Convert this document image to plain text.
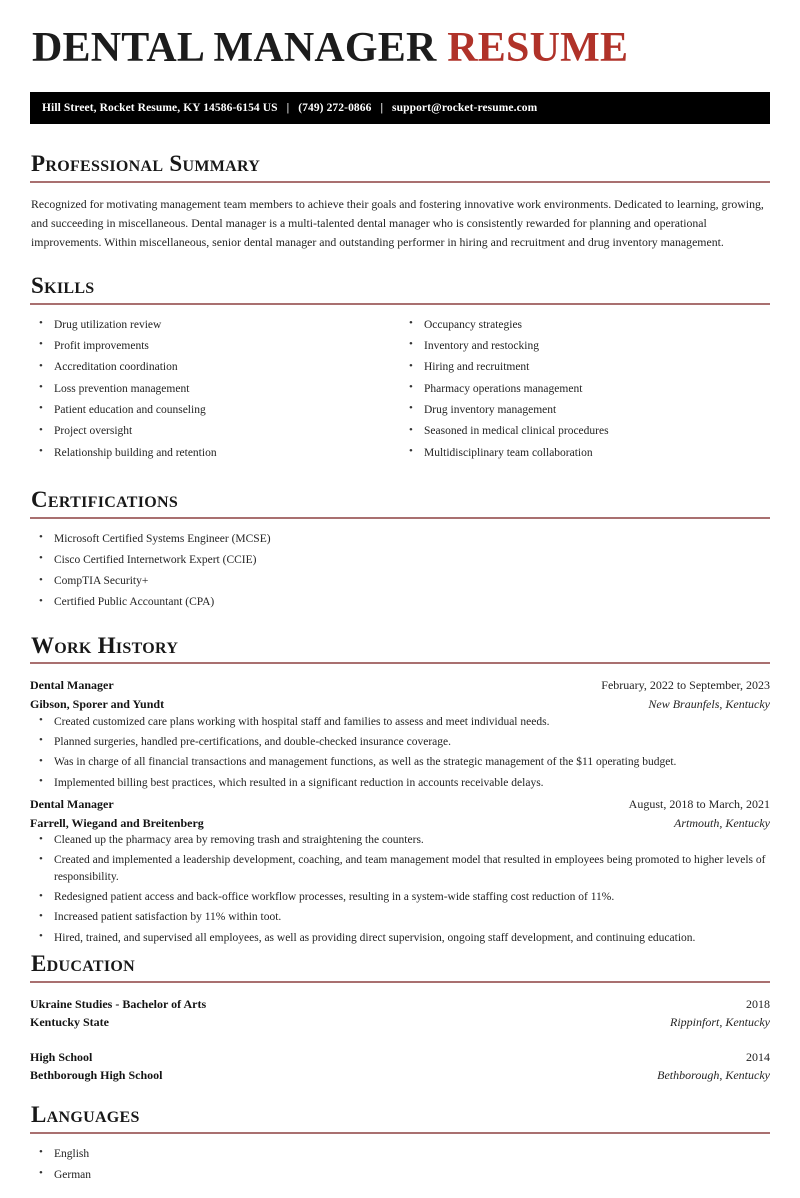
DENTAL MANAGER RESUME
Hill Street, Rocket Resume, KY 14586-6154 US | (749) 272-0866 | support@rocket-resume.com
Professional Summary

Recognized for motivating management team members to achieve their goals and fostering innovative work environments. Dedicated to learning, growing, and succeeding in miscellaneous. Dental manager is a multi-talented dental manager who is consistently rewarded for planning and operational improvements. Within miscellaneous, senior dental manager and outstanding performer in hiring and recruitment and drug inventory management.

Skills
• Drug utilization review
• Profit improvements
• Accreditation coordination
• Loss prevention management
• Patient education and counseling
• Project oversight
• Relationship building and retention
• Occupancy strategies
• Inventory and restocking
• Hiring and recruitment
• Pharmacy operations management
• Drug inventory management
• Seasoned in medical clinical procedures
• Multidisciplinary team collaboration
Certifications
• Microsoft Certified Systems Engineer (MCSE)
• Cisco Certified Internetwork Expert (CCIE)
• CompTIA Security+
• Certified Public Accountant (CPA)
Work History
Dental Manager	February, 2022 to September, 2023
Gibson, Sporer and Yundt	New Braunfels, Kentucky
• Created customized care plans working with hospital staff and families to assess and meet individual needs.
• Planned surgeries, handled pre-certifications, and double-checked insurance coverage.
• Was in charge of all financial transactions and management functions, as well as the strategic management of the $11 operating budget.
• Implemented billing best practices, which resulted in a significant reduction in accounts receivable delays.
Dental Manager	August, 2018 to March, 2021
Farrell, Wiegand and Breitenberg	Artmouth, Kentucky
• Cleaned up the pharmacy area by removing trash and straightening the counters.
• Created and implemented a leadership development, coaching, and team management model that resulted in employees being promoted to higher levels of responsibility.
• Redesigned patient access and back-office workflow processes, resulting in a system-wide staffing cost reduction of 11%.
• Increased patient satisfaction by 11% within toot.
• Hired, trained, and supervised all employees, as well as providing direct supervision, ongoing staff development, and continuing education.
Education
Ukraine Studies - Bachelor of Arts	2018
Kentucky State	Rippinfort, Kentucky
High School	2014
Bethborough High School	Bethborough, Kentucky
Languages
• English
• German
